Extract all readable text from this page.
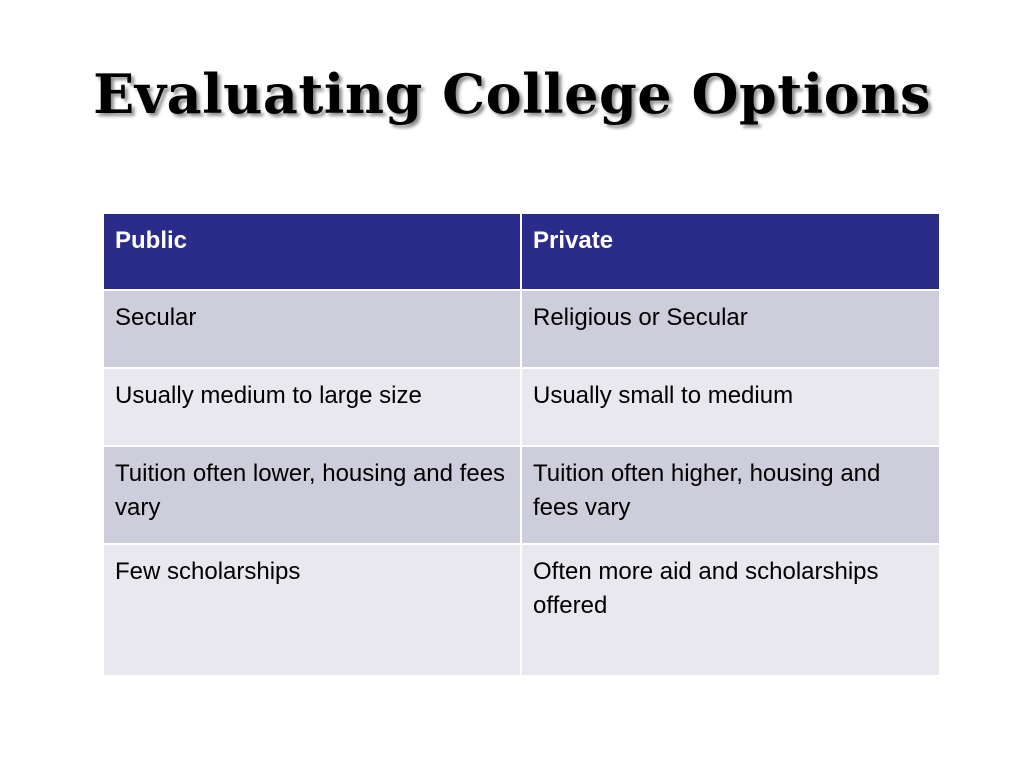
Evaluating College Options
Public	Private
Secular	Religious or Secular
Usually medium to large size	Usually small to medium
Tuition often lower, housing and fees vary	Tuition often higher, housing and fees vary
Few scholarships	Often more aid and scholarships offered
